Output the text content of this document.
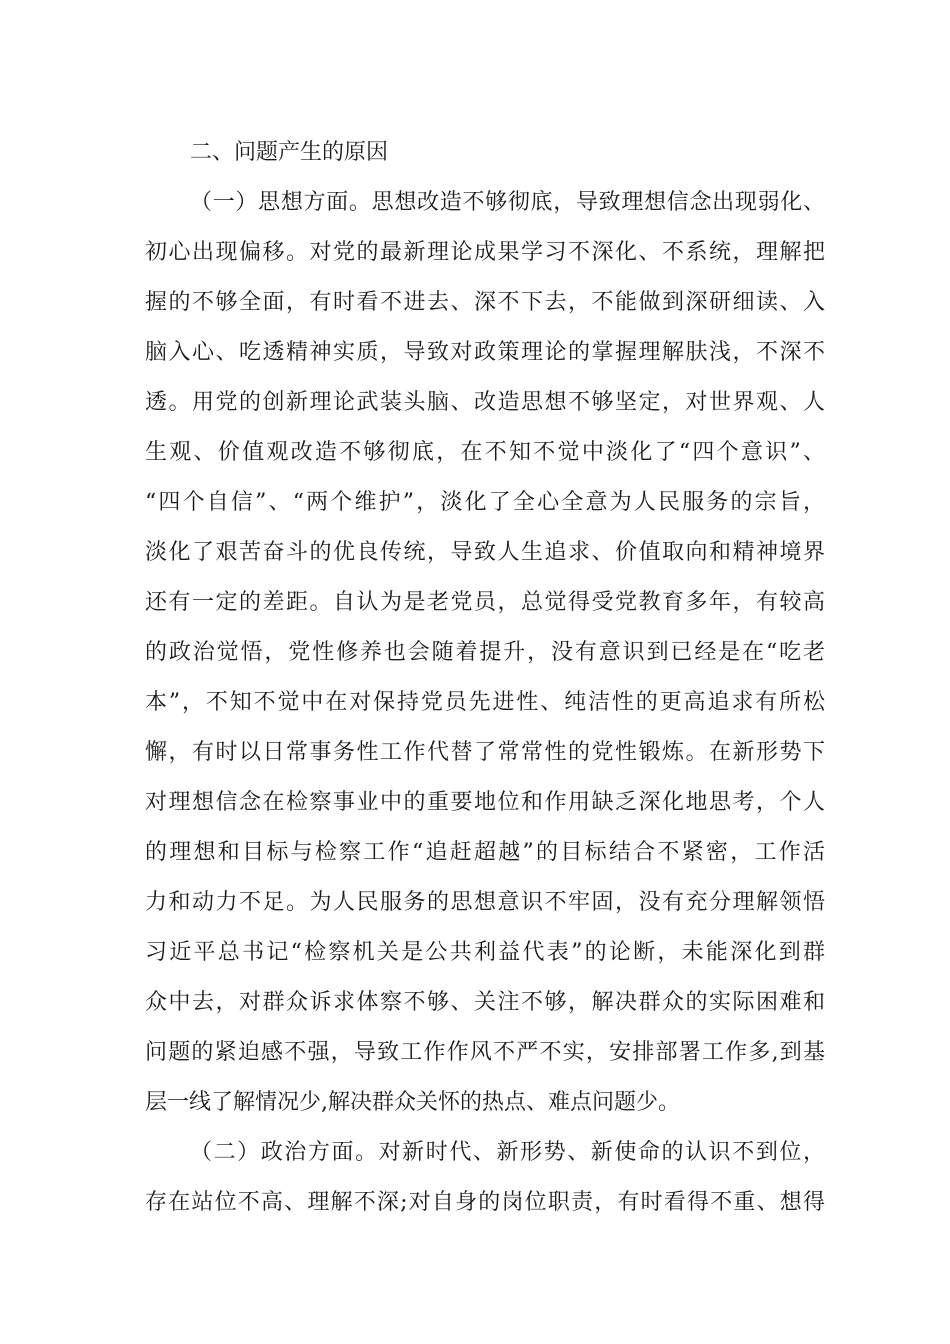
二、问题产生的原因
（一）思想方面。思想改造不够彻底，导致理想信念出现弱化、
初心出现偏移。对党的最新理论成果学习不深化、不系统，理解把
握的不够全面，有时看不进去、深不下去，不能做到深研细读、入
脑入心、吃透精神实质，导致对政策理论的掌握理解肤浅，不深不
透。用党的创新理论武装头脑、改造思想不够坚定，对世界观、人
生观、价值观改造不够彻底，在不知不觉中淡化了“四个意识”、
“四个自信”、“两个维护”，淡化了全心全意为人民服务的宗旨，
淡化了艰苦奋斗的优良传统，导致人生追求、价值取向和精神境界
还有一定的差距。自认为是老党员，总觉得受党教育多年，有较高
的政治觉悟，党性修养也会随着提升，没有意识到已经是在“吃老
本”，不知不觉中在对保持党员先进性、纯洁性的更高追求有所松
懈，有时以日常事务性工作代替了常常性的党性锻炼。在新形势下
对理想信念在检察事业中的重要地位和作用缺乏深化地思考，个人
的理想和目标与检察工作“追赶超越”的目标结合不紧密，工作活
力和动力不足。为人民服务的思想意识不牢固，没有充分理解领悟
习近平总书记“检察机关是公共利益代表”的论断，未能深化到群
众中去，对群众诉求体察不够、关注不够，解决群众的实际困难和
问题的紧迫感不强，导致工作作风不严不实，安排部署工作多,到基
层一线了解情况少,解决群众关怀的热点、难点问题少。
（二）政治方面。对新时代、新形势、新使命的认识不到位，
存在站位不高、理解不深;对自身的岗位职责，有时看得不重、想得
